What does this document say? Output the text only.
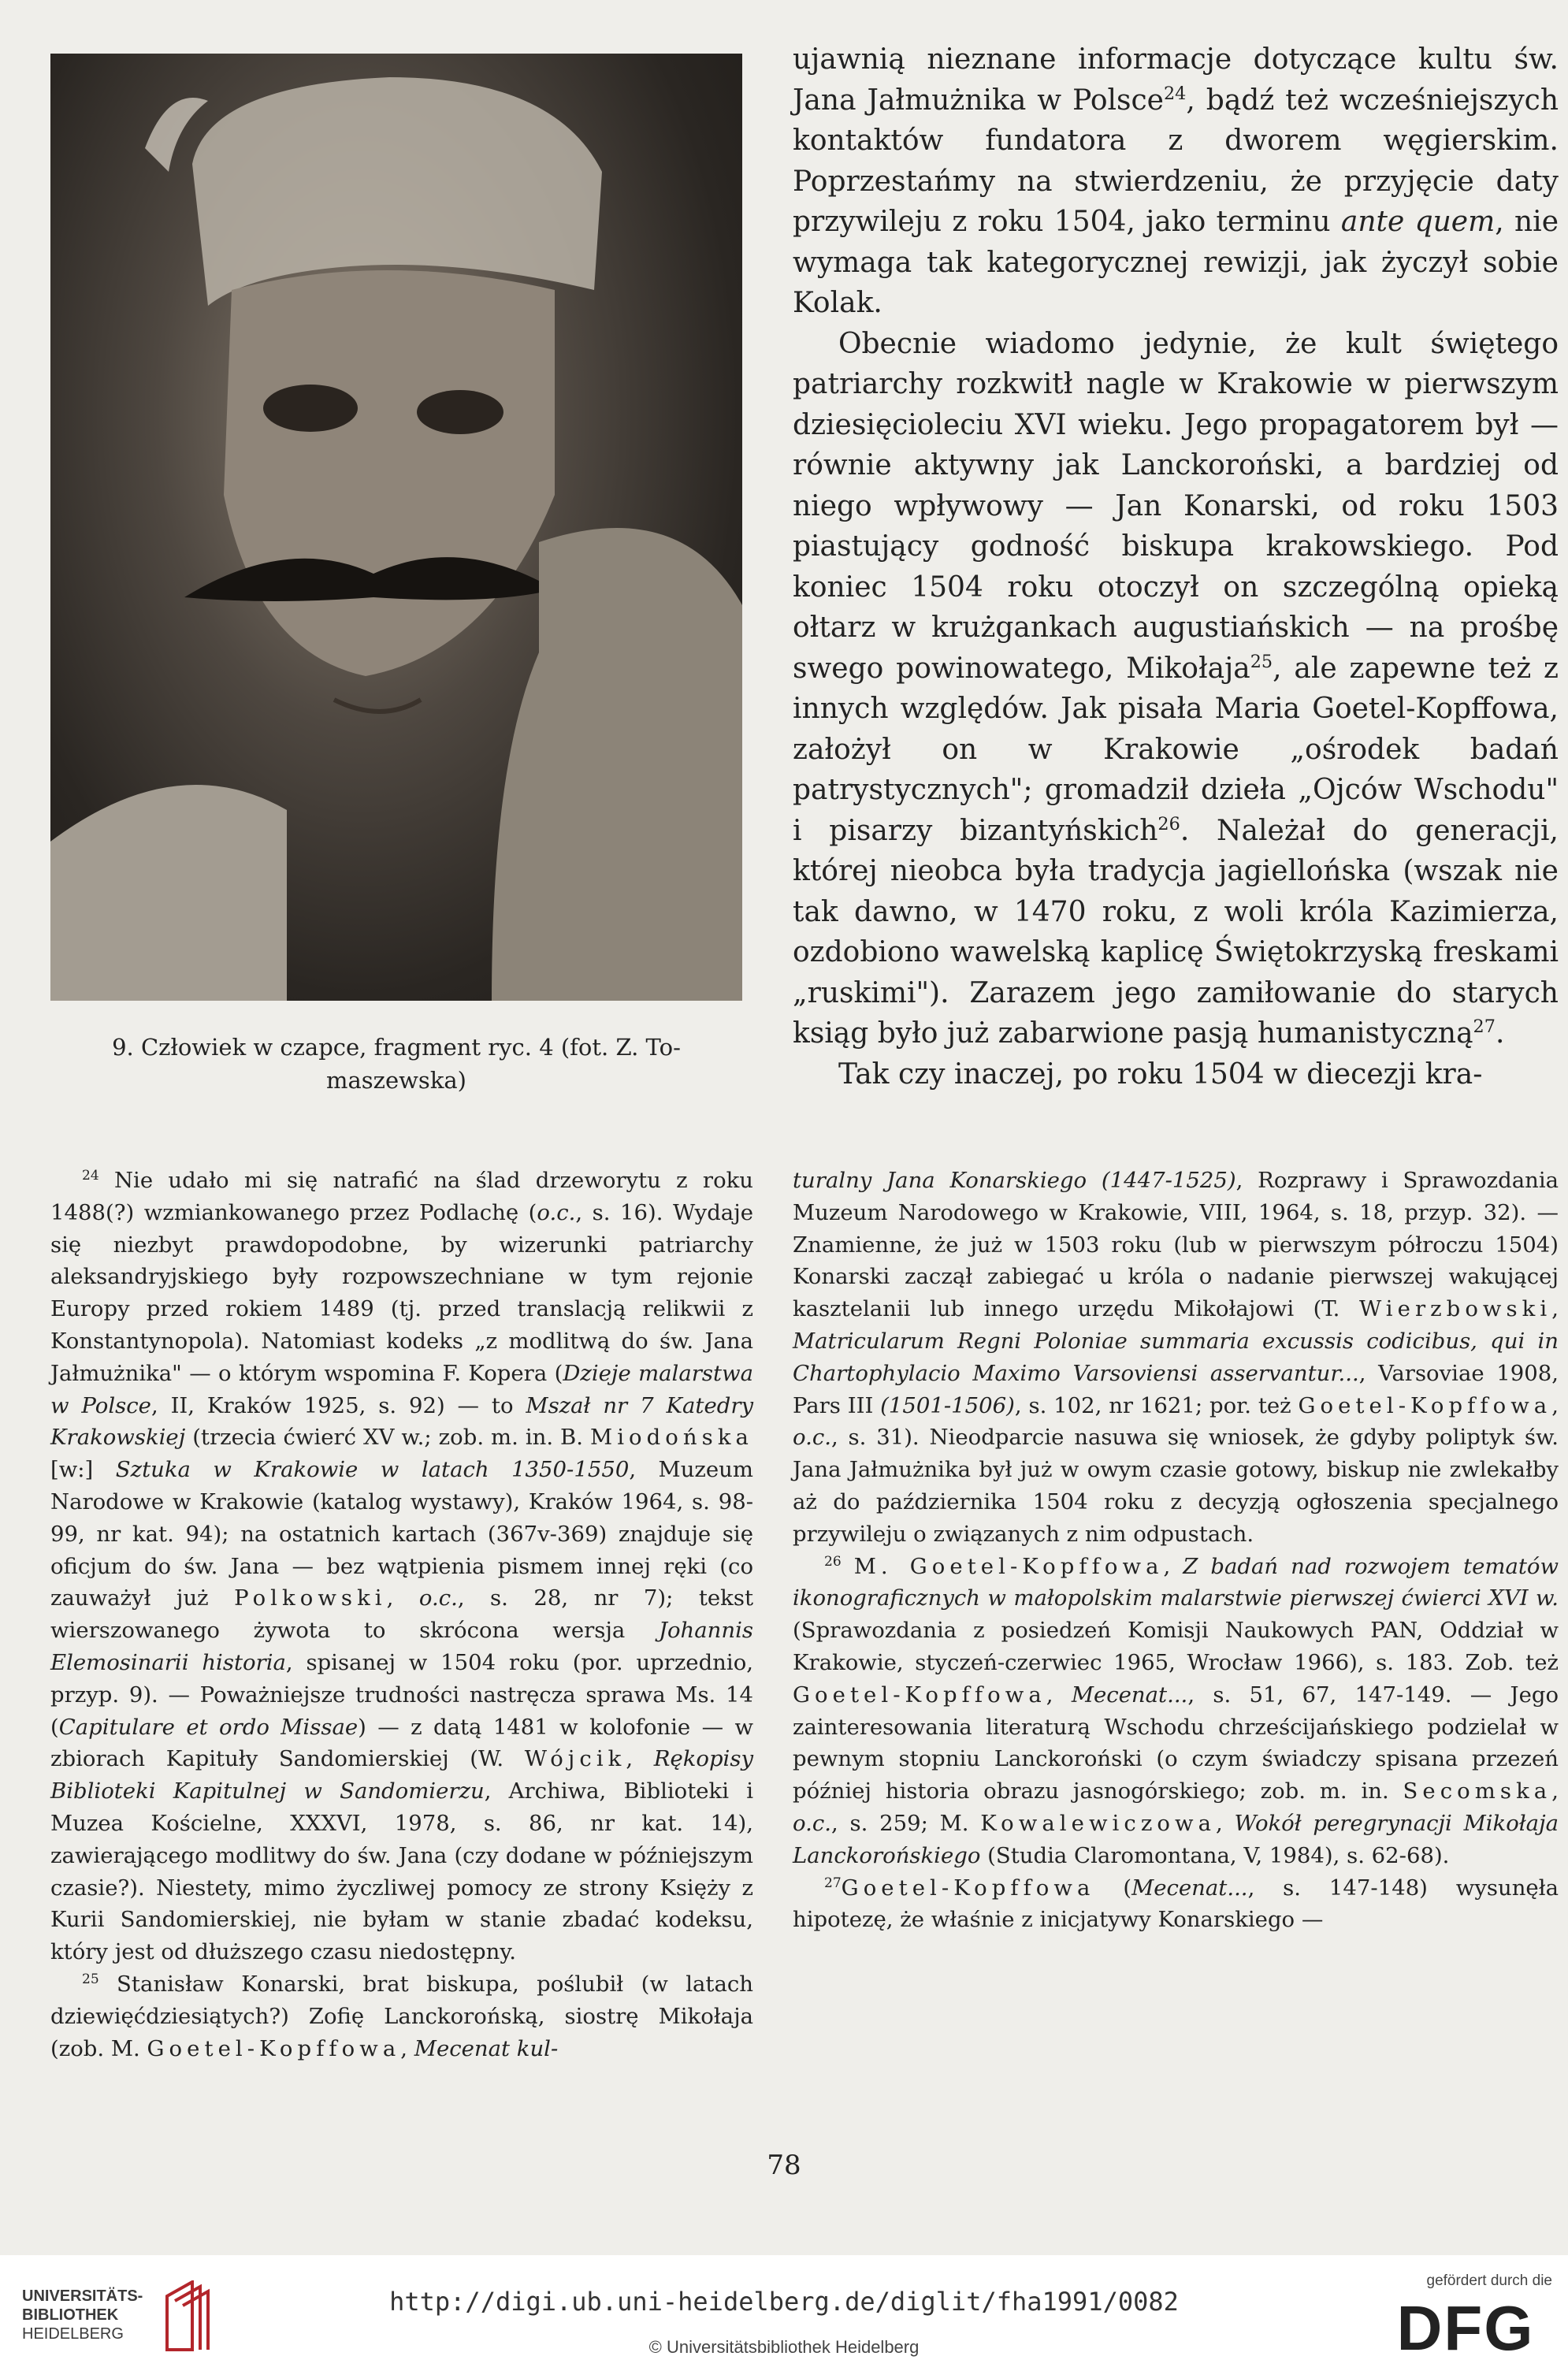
9. Człowiek w czapce, fragment ryc. 4 (fot. Z. To-
maszewska)

ujawnią nieznane informacje dotyczące kultu św. Jana Jałmużnika w Polsce$^{24}$, bądź też wcześniejszych kontaktów fundatora z dworem węgierskim. Poprzestańmy na stwierdzeniu, że przyjęcie daty przywileju z roku 1504, jako terminu ante quem, nie wymaga tak kategorycznej rewizji, jak życzył sobie Kolak.

Obecnie wiadomo jedynie, że kult świętego patriarchy rozkwitł nagle w Krakowie w pierwszym dziesięcioleciu XVI wieku. Jego propagatorem był — równie aktywny jak Lanckoroński, a bardziej od niego wpływowy — Jan Konarski, od roku 1503 piastujący godność biskupa krakowskiego. Pod koniec 1504 roku otoczył on szczególną opieką ołtarz w krużgankach augustiańskich — na prośbę swego powinowatego, Mikołaja$^{25}$, ale zapewne też z innych względów. Jak pisała Maria Goetel-Kopffowa, założył on w Krakowie „ośrodek badań patrystycznych"; gromadził dzieła „Ojców Wschodu" i pisarzy bizantyńskich$^{26}$. Należał do generacji, której nieobca była tradycja jagiellońska (wszak nie tak dawno, w 1470 roku, z woli króla Kazimierza, ozdobiono wawelską kaplicę Świętokrzyską freskami „ruskimi"). Zarazem jego zamiłowanie do starych ksiąg było już zabarwione pasją humanistyczną$^{27}$.

Tak czy inaczej, po roku 1504 w diecezji kra-

$^{24}$ Nie udało mi się natrafić na ślad drzeworytu z roku 1488(?) wzmiankowanego przez Podlachę (o.c., s. 16). Wydaje się niezbyt prawdopodobne, by wizerunki patriarchy aleksandryjskiego były rozpowszechniane w tym rejonie Europy przed rokiem 1489 (tj. przed translacją relikwii z Konstantynopola). Natomiast kodeks „z modlitwą do św. Jana Jałmużnika" — o którym wspomina F. Kopera (Dzieje malarstwa w Polsce, II, Kraków 1925, s. 92) — to Mszał nr 7 Katedry Krakowskiej (trzecia ćwierć XV w.; zob. m. in. B. Miodońska [w:] Sztuka w Krakowie w latach 1350-1550, Muzeum Narodowe w Krakowie (katalog wystawy), Kraków 1964, s. 98-99, nr kat. 94); na ostatnich kartach (367v-369) znajduje się oficjum do św. Jana — bez wątpienia pismem innej ręki (co zauważył już Polkowski, o.c., s. 28, nr 7); tekst wierszowanego żywota to skrócona wersja Johannis Elemosinarii historia, spisanej w 1504 roku (por. uprzednio, przyp. 9). — Poważniejsze trudności nastręcza sprawa Ms. 14 (Capitulare et ordo Missae) — z datą 1481 w kolofonie — w zbiorach Kapituły Sandomierskiej (W. Wójcik, Rękopisy Biblioteki Kapitulnej w Sandomierzu, Archiwa, Biblioteki i Muzea Kościelne, XXXVI, 1978, s. 86, nr kat. 14), zawierającego modlitwy do św. Jana (czy dodane w późniejszym czasie?). Niestety, mimo życzliwej pomocy ze strony Księży z Kurii Sandomierskiej, nie byłam w stanie zbadać kodeksu, który jest od dłuższego czasu niedostępny.

$^{25}$ Stanisław Konarski, brat biskupa, poślubił (w latach dziewięćdziesiątych?) Zofię Lanckorońską, siostrę Mikołaja (zob. M. Goetel-Kopffowa, Mecenat kul-

turalny Jana Konarskiego (1447-1525), Rozprawy i Sprawozdania Muzeum Narodowego w Krakowie, VIII, 1964, s. 18, przyp. 32). — Znamienne, że już w 1503 roku (lub w pierwszym półroczu 1504) Konarski zaczął zabiegać u króla o nadanie pierwszej wakującej kasztelanii lub innego urzędu Mikołajowi (T. Wierzbowski, Matricularum Regni Poloniae summaria excussis codicibus, qui in Chartophylacio Maximo Varsoviensi asservantur..., Varsoviae 1908, Pars III (1501-1506), s. 102, nr 1621; por. też Goetel-Kopffowa, o.c., s. 31). Nieodparcie nasuwa się wniosek, że gdyby poliptyk św. Jana Jałmużnika był już w owym czasie gotowy, biskup nie zwlekałby aż do października 1504 roku z decyzją ogłoszenia specjalnego przywileju o związanych z nim odpustach.

$^{26}$ M. Goetel-Kopffowa, Z badań nad rozwojem tematów ikonograficznych w małopolskim malarstwie pierwszej ćwierci XVI w. (Sprawozdania z posiedzeń Komisji Naukowych PAN, Oddział w Krakowie, styczeń-czerwiec 1965, Wrocław 1966), s. 183. Zob. też Goetel-Kopffowa, Mecenat..., s. 51, 67, 147-149. — Jego zainteresowania literaturą Wschodu chrześcijańskiego podzielał w pewnym stopniu Lanckoroński (o czym świadczy spisana przezeń później historia obrazu jasnogórskiego; zob. m. in. Secomska, o.c., s. 259; M. Kowalewiczowa, Wokół peregrynacji Mikołaja Lanckorońskiego (Studia Claromontana, V, 1984), s. 62-68).

$^{27}$Goetel-Kopffowa (Mecenat..., s. 147-148) wysunęła hipotezę, że właśnie z inicjatywy Konarskiego —

78
UNIVERSITÄTS-
BIBLIOTHEK
HEIDELBERG
http://digi.ub.uni-heidelberg.de/diglit/fha1991/0082
© Universitätsbibliothek Heidelberg
gefördert durch die
DFG
